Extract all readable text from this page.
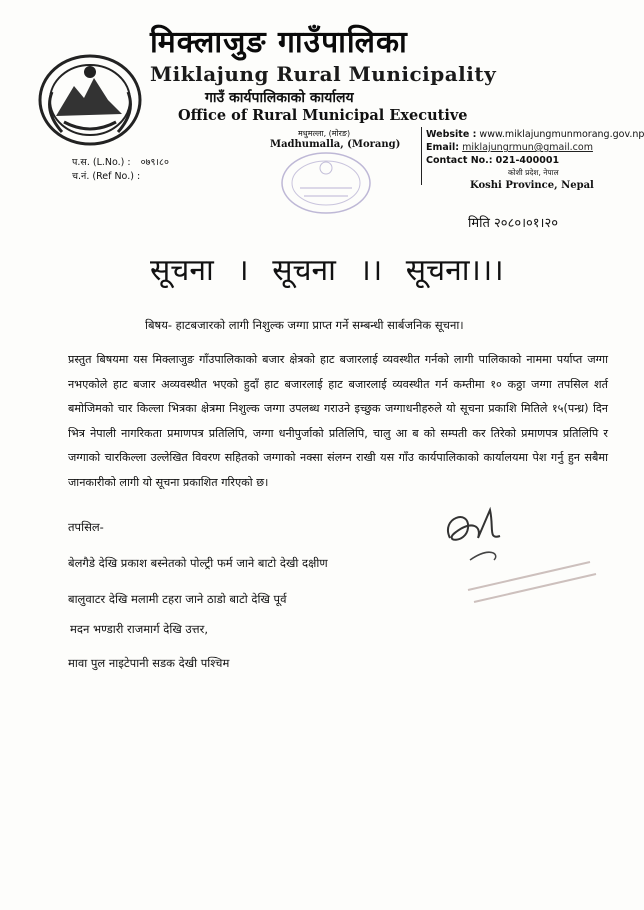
मिक्लाजुङ गाउँपालिका
Miklajung Rural Municipality
गाउँ कार्यपालिकाको कार्यालय
Office of Rural Municipal Executive
मधुमल्ला, (मोरङ)
Madhumalla, (Morang)
Website : www.miklajungmunmorang.gov.np
Email: miklajungrmun@gmail.com
Contact No.: 021-400001
कोशी प्रदेश, नेपाल
Koshi Province, Nepal
प.स. (L.No.) : ०७९।८०
च.नं. (Ref No.) :
मिति २०८०।०१।२०
सूचना । सूचना ।। सूचना।।।
बिषय- हाटबजारको लागी निशुल्क जग्गा प्राप्त गर्ने सम्बन्धी सार्बजनिक सूचना।
प्रस्तुत बिषयमा यस मिक्लाजुङ गाँउपालिकाको बजार क्षेत्रको हाट बजारलाई व्यवस्थीत गर्नको लागी पालिकाको नाममा पर्याप्त जग्गा नभएकोले हाट बजार अव्यवस्थीत भएको हुदाँ हाट बजारलाई हाट बजारलाई व्यवस्थीत गर्न कम्तीमा १० कठ्ठा जग्गा तपसिल शर्त बमोजिमको चार किल्ला भित्रका क्षेत्रमा निशुल्क जग्गा उपलब्ध गराउने इच्छुक जग्गाधनीहरुले यो सूचना प्रकाशि मितिले १५(पन्ध्र) दिन भित्र नेपाली नागरिकता प्रमाणपत्र प्रतिलिपि, जग्गा धनीपुर्जाको प्रतिलिपि, चालु आ ब को सम्पती कर तिरेको प्रमाणपत्र प्रतिलिपि र जग्गाको चारकिल्ला उल्लेखित विवरण सहितको जग्गाको नक्सा संलग्न राखी यस गाँउ कार्यपालिकाको कार्यालयमा पेश गर्नु हुन सबैमा जानकारीको लागी यो सूचना प्रकाशित गरिएको छ।
तपसिल-
बेलगैडे देखि प्रकाश बस्नेतको पोल्ट्री फर्म जाने बाटो देखी दक्षीण
बालुवाटर देखि मलामी टहरा जाने ठाडो बाटो देखि पूर्व
मदन भण्डारी राजमार्ग देखि उत्तर,
मावा पुल नाइटेपानी सडक देखी पश्चिम
